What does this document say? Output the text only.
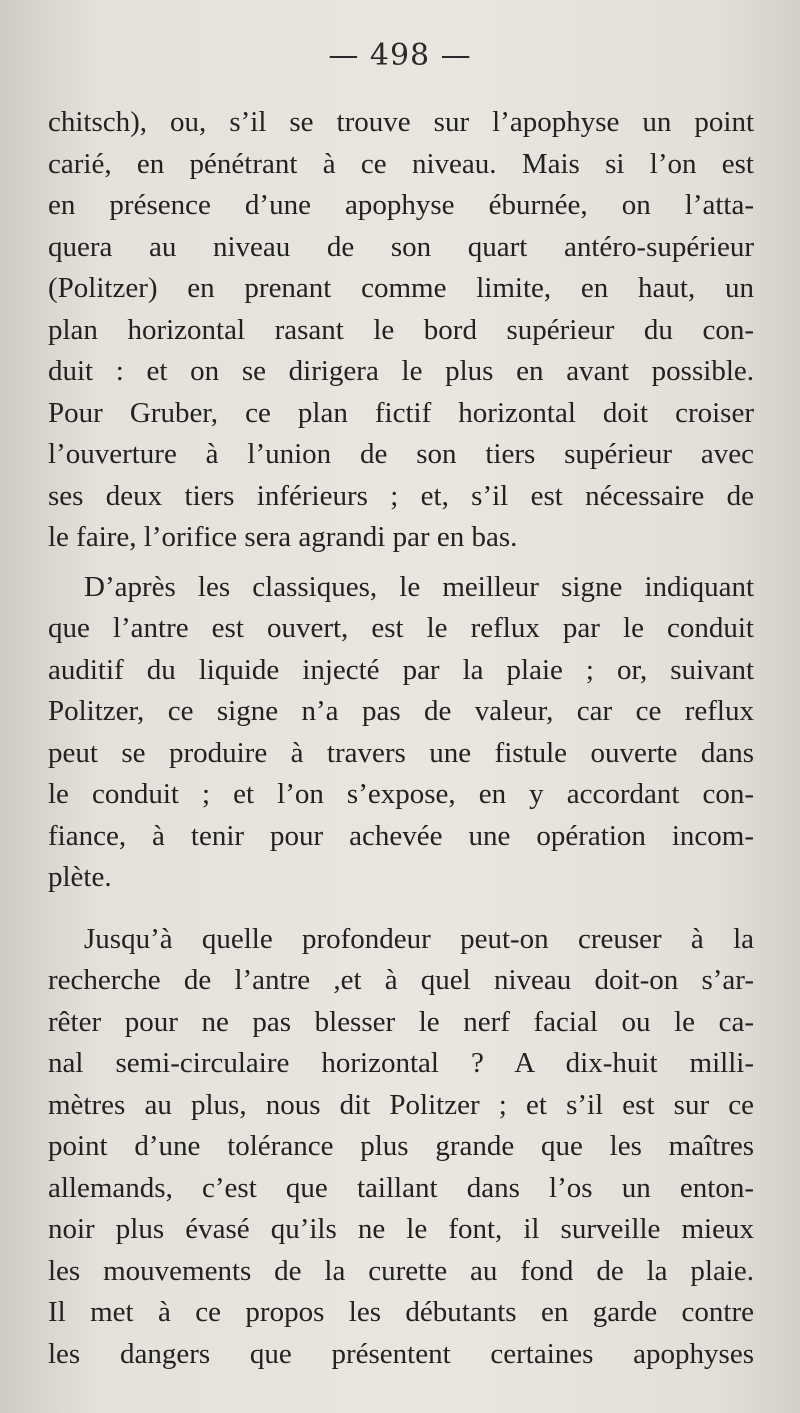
— 498 —
chitsch), ou, s’il se trouve sur l’apophyse un point
carié, en pénétrant à ce niveau. Mais si l’on est
en présence d’une apophyse éburnée, on l’atta-
quera au niveau de son quart antéro-supérieur
(Politzer) en prenant comme limite, en haut, un
plan horizontal rasant le bord supérieur du con-
duit : et on se dirigera le plus en avant possible.
Pour Gruber, ce plan fictif horizontal doit croiser
l’ouverture à l’union de son tiers supérieur avec
ses deux tiers inférieurs ; et, s’il est nécessaire de
le faire, l’orifice sera agrandi par en bas.
D’après les classiques, le meilleur signe indiquant
que l’antre est ouvert, est le reflux par le conduit
auditif du liquide injecté par la plaie ; or, suivant
Politzer, ce signe n’a pas de valeur, car ce reflux
peut se produire à travers une fistule ouverte dans
le conduit ; et l’on s’expose, en y accordant con-
fiance, à tenir pour achevée une opération incom-
plète.
Jusqu’à quelle profondeur peut-on creuser à la
recherche de l’antre ,et à quel niveau doit-on s’ar-
rêter pour ne pas blesser le nerf facial ou le ca-
nal semi-circulaire horizontal ? A dix-huit milli-
mètres au plus, nous dit Politzer ; et s’il est sur ce
point d’une tolérance plus grande que les maîtres
allemands, c’est que taillant dans l’os un enton-
noir plus évasé qu’ils ne le font, il surveille mieux
les mouvements de la curette au fond de la plaie.
Il met à ce propos les débutants en garde contre
les dangers que présentent certaines apophyses
